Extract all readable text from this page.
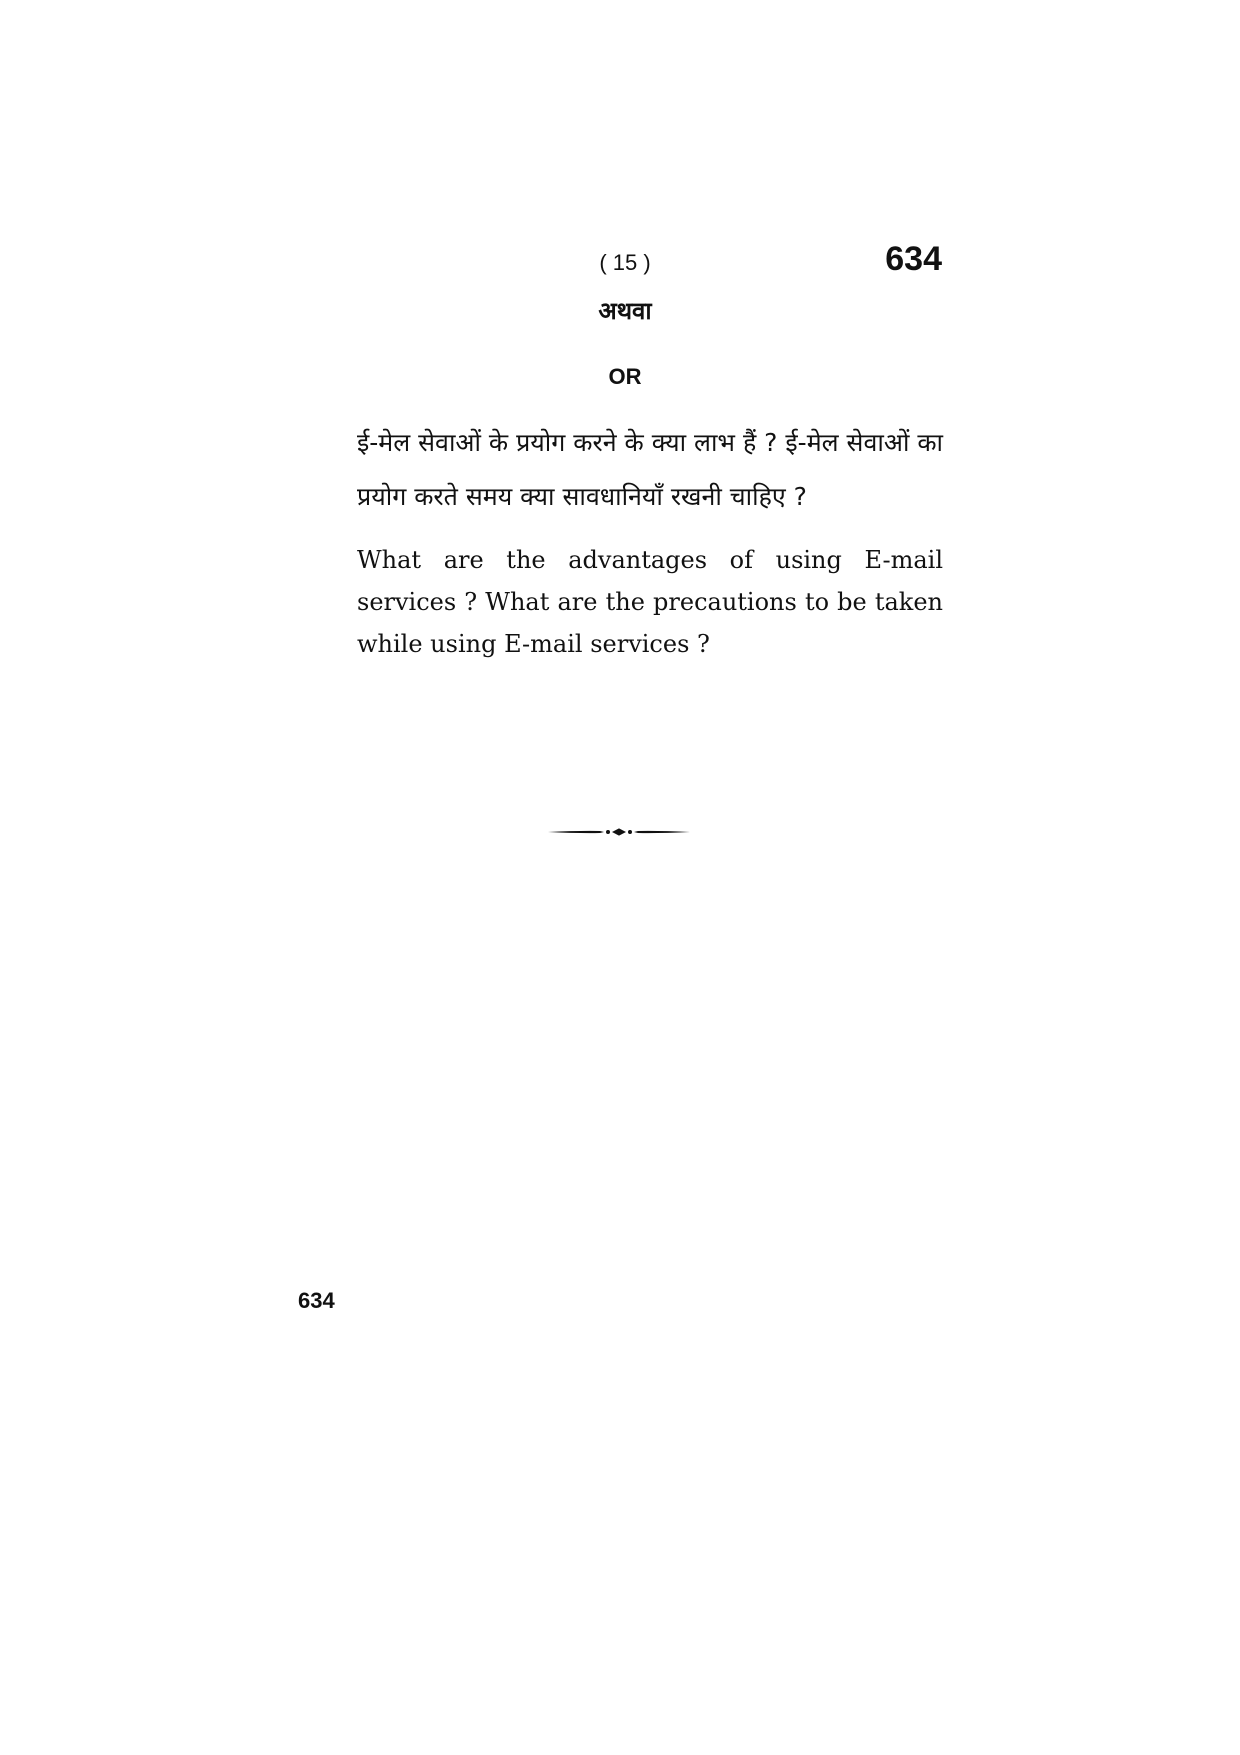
( 15 )	634
अथवा
OR
ई-मेल सेवाओं के प्रयोग करने के क्या लाभ हैं ? ई-मेल सेवाओं का प्रयोग करते समय क्या सावधानियाँ रखनी चाहिए ?
What are the advantages of using E-mail services ? What are the precautions to be taken while using E-mail services ?
634
